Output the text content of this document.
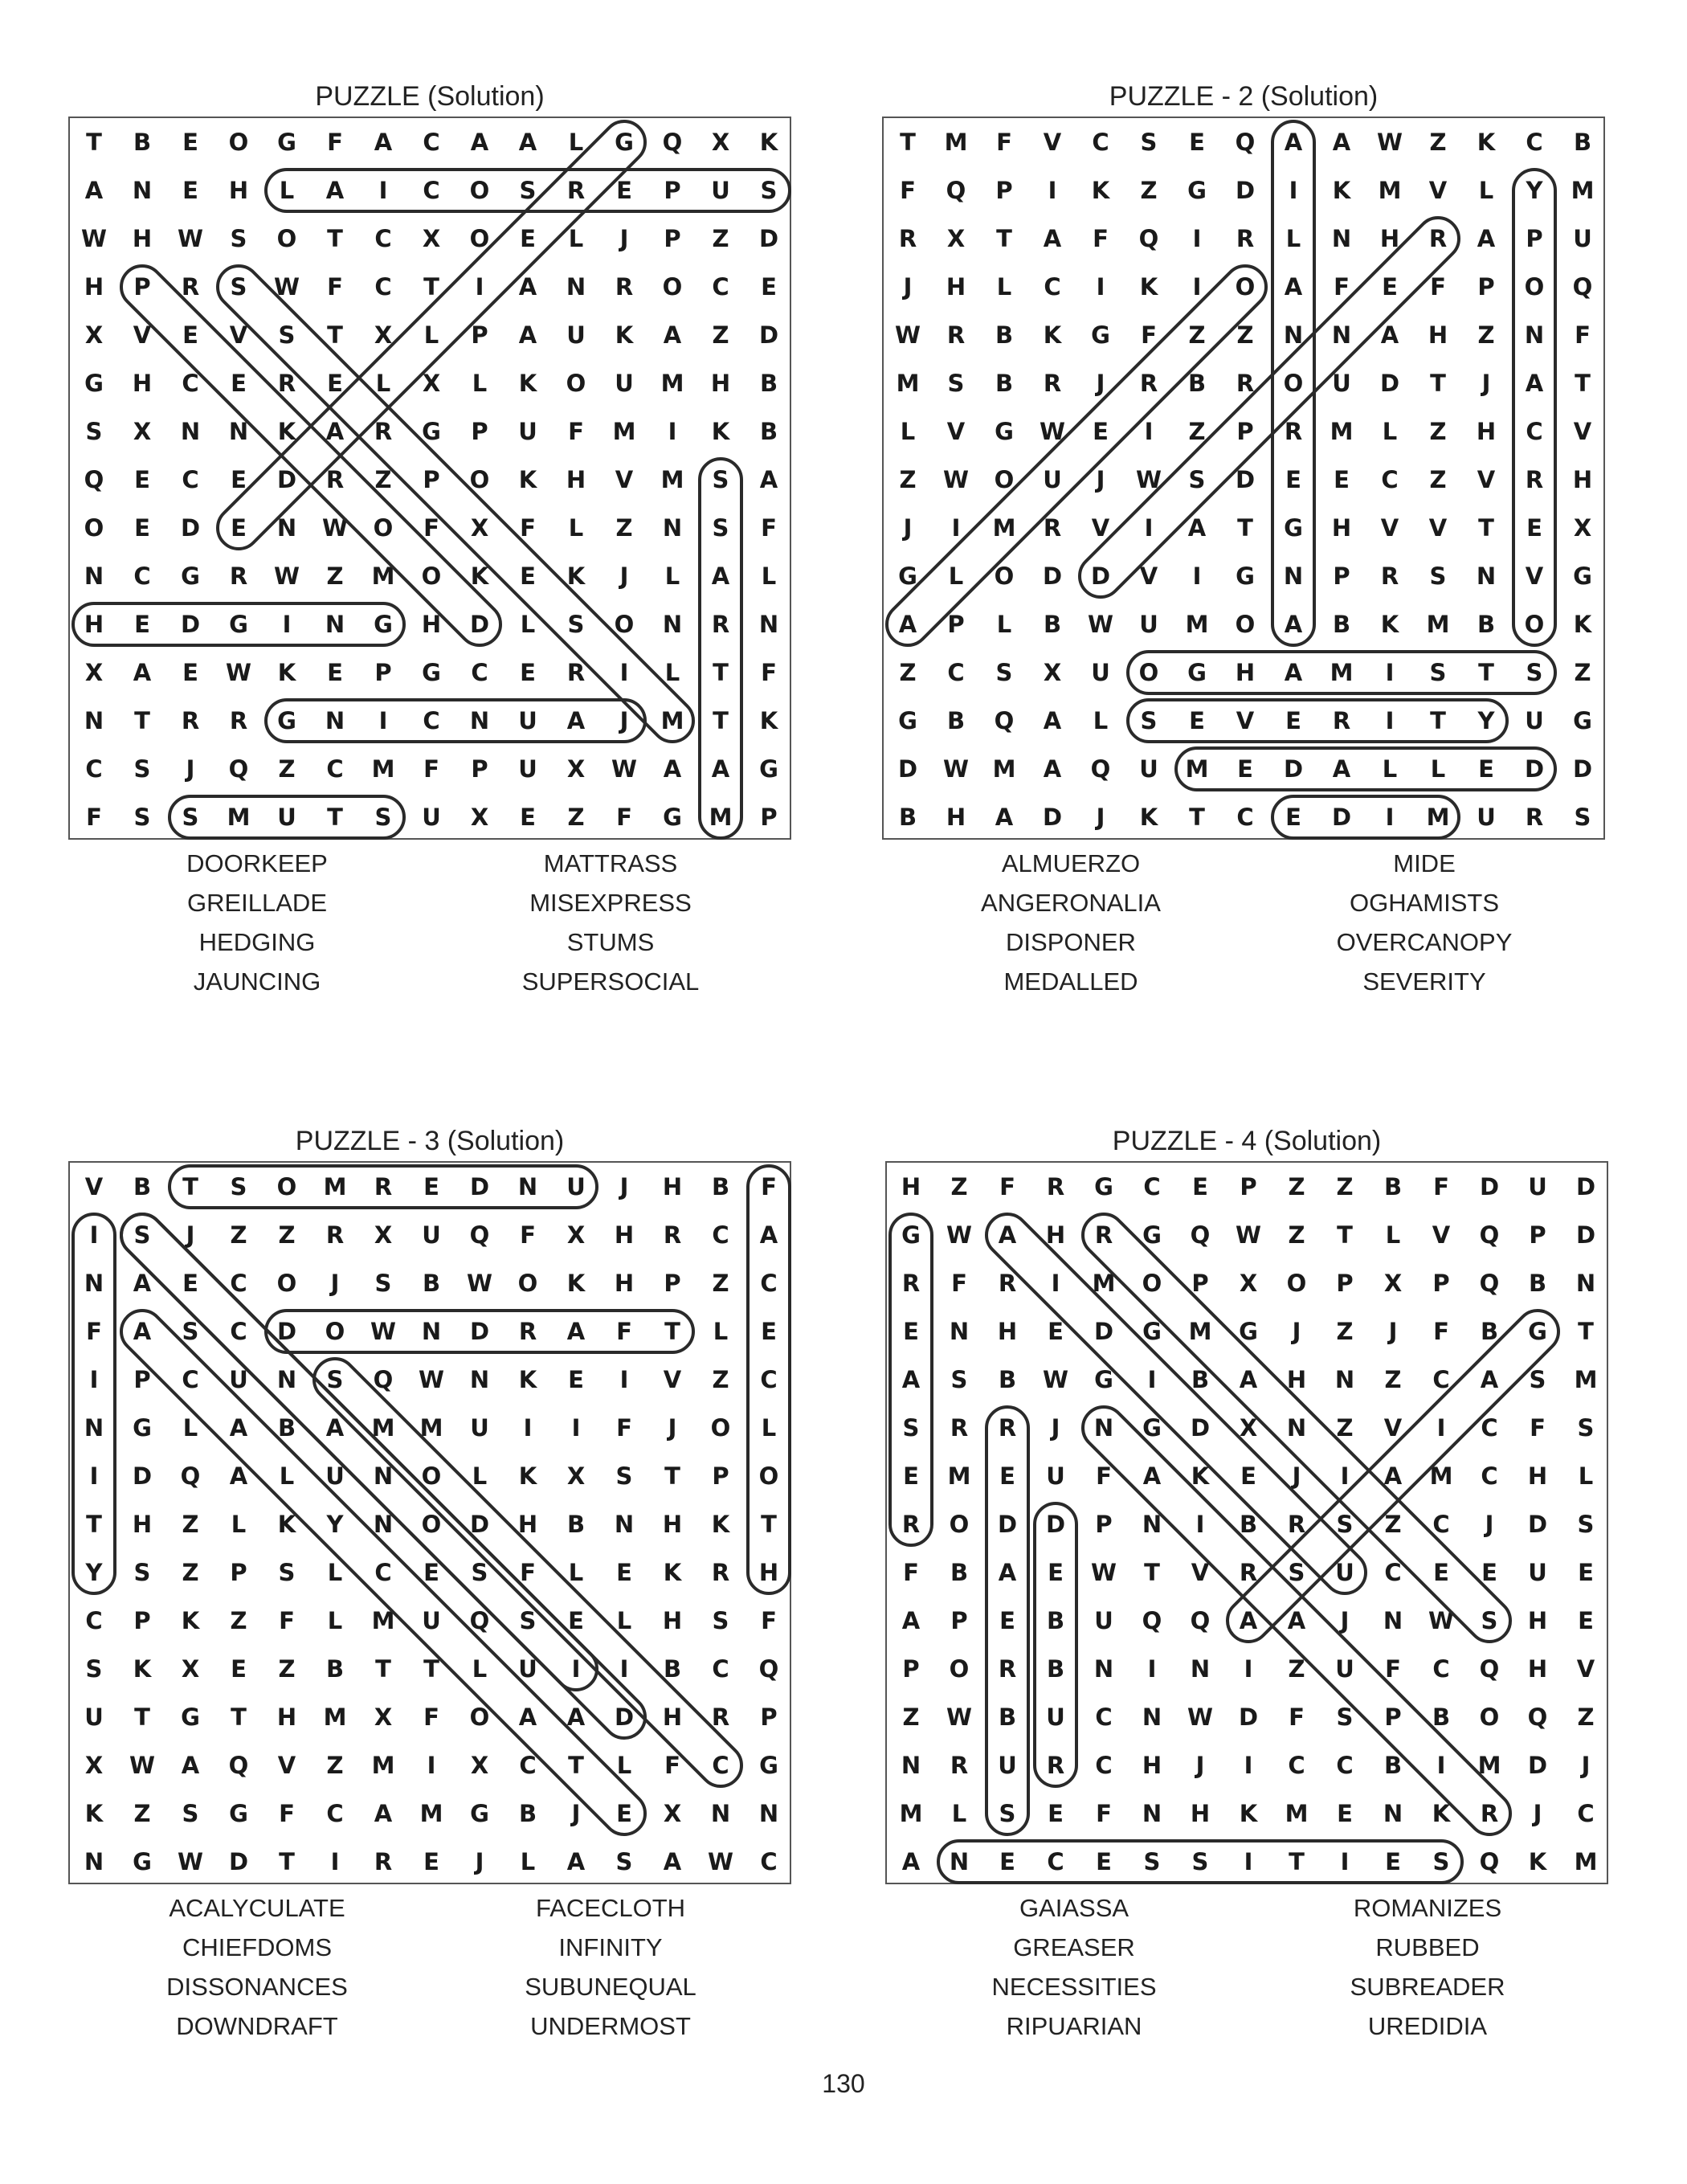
PUZZLE (Solution)
T B E O G F A C A A L G Q X K
A N E H L A I C O S R E P U S
W H W S O T C X O E L J P Z D
H P R S W F C T I A N R O C E
X V E V S T X L P A U K A Z D
G H C E R E L X L K O U M H B
S X N N K A R G P U F M I K B
Q E C E D R Z P O K H V M S A
O E D E N W O F X F L Z N S F
N C G R W Z M O K E K J L A L
H E D G I N G H D L S O N R N
X A E W K E P G C E R I L T F
N T R R G N I C N U A J M T K
C S J Q Z C M F P U X W A A G
F S S M U T S U X E Z F G M P
DOORKEEP
GREILLADE
HEDGING
JAUNCING
MATTRASS
MISEXPRESS
STUMS
SUPERSOCIAL
PUZZLE - 2 (Solution)
T M F V C S E Q A A W Z K C B
F Q P I K Z G D I K M V L Y M
R X T A F Q I R L N H R A P U
J H L C I K I O A F E F P O Q
W R B K G F Z Z N N A H Z N F
M S B R J R B R O U D T J A T
L V G W E I Z P R M L Z H C V
Z W O U J W S D E E C Z V R H
J I M R V I A T G H V V T E X
G L O D D V I G N P R S N V G
A P L B W U M O A B K M B O K
Z C S X U O G H A M I S T S Z
G B Q A L S E V E R I T Y U G
D W M A Q U M E D A L L E D D
B H A D J K T C E D I M U R S
ALMUERZO
ANGERONALIA
DISPONER
MEDALLED
MIDE
OGHAMISTS
OVERCANOPY
SEVERITY
PUZZLE - 3 (Solution)
V B T S O M R E D N U J H B F
I S J Z Z R X U Q F X H R C A
N A E C O J S B W O K H P Z C
F A S C D O W N D R A F T L E
I P C U N S Q W N K E I V Z C
N G L A B A M M U I I F J O L
I D Q A L U N O L K X S T P O
T H Z L K Y N O D H B N H K T
Y S Z P S L C E S F L E K R H
C P K Z F L M U Q S E L H S F
S K X E Z B T T L U I I B C Q
U T G T H M X F O A A D H R P
X W A Q V Z M I X C T L F C G
K Z S G F C A M G B J E X N N
N G W D T I R E J L A S A W C
ACALYCULATE
CHIEFDOMS
DISSONANCES
DOWNDRAFT
FACECLOTH
INFINITY
SUBUNEQUAL
UNDERMOST
PUZZLE - 4 (Solution)
H Z F R G C E P Z Z B F D U D
G W A H R G Q W Z T L V Q P D
R F R I M O P X O P X P Q B N
E N H E D G M G J Z J F B G T
A S B W G I B A H N Z C A S M
S R R J N G D X N Z V I C F S
E M E U F A K E J I A M C H L
R O D D P N I B R S Z C J D S
F B A E W T V R S U C E E U E
A P E B U Q Q A A J N W S H E
P O R B N I N I Z U F C Q H V
Z W B U C N W D F S P B O Q Z
N R U R C H J I C C B I M D J
M L S E F N H K M E N K R J C
A N E C E S S I T I E S Q K M
GAIASSA
GREASER
NECESSITIES
RIPUARIAN
ROMANIZES
RUBBED
SUBREADER
UREDIDIA
130
